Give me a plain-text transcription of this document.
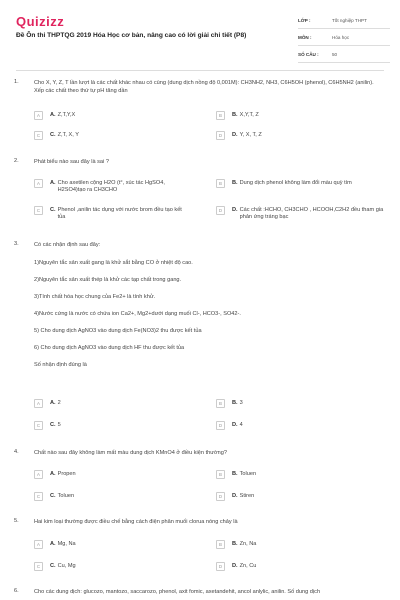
Quizizz
Đề Ôn thi THPTQG 2019 Hóa Học cơ bản, nâng cao có lời giải chi tiết (P8)
LỚP :	Tốt nghiệp THPT
MÔN :	Hóa học
SỐ CÂU :	50
1.	Cho X, Y, Z, T lần lượt là các chất khác nhau có cùng (dung dịch nồng độ 0,001M): CH3NH2, NH3, C6H5OH (phenol), C6H5NH2 (anilin). Xếp các chất theo thứ tự pH tăng dần
A	A. Z,T,Y,X	B	B. X,Y,T, Z
C	C. Z,T, X, Y	D	D. Y, X, T, Z
2.	Phát biểu nào sau đây là sai ?
A	A. Cho axetilen cộng H2O (t°, xúc tác HgSO4, H2SO4)tạo ra CH3CHO
B	B. Dung dịch phenol không làm đổi màu quỳ tím
C	C. Phenol ,anilin tác dụng với nước brom đều tạo kết tủa
D	D. Các chất :HCHO, CH3CHO , HCOOH,C2H2 đều tham gia phản ứng tráng bạc
3.	Có các nhận định sau đây:
1)Nguyên tắc sản xuất gang là khử sắt bằng CO ở nhiệt độ cao.
2)Nguyên tắc sản xuất thép là khử các tạp chất trong gang.
3)Tính chất hóa học chung của Fe2+ là tính khử.
4)Nước cứng là nước có chứa ion Ca2+, Mg2+dưới dạng muối Cl-, HCO3-, SO42-.
5) Cho dung dịch AgNO3 vào dung dịch Fe(NO3)2 thu được kết tủa
6) Cho dung dịch AgNO3 vào dung dịch HF thu được kết tủa
Số nhận định đúng là
A	A. 2	B	B. 3
C	C. 5	D	D. 4
4.	Chất nào sau đây không làm mất màu dung dịch KMnO4 ở điều kiện thường?
A	A. Propen	B	B. Toluen
C	C. Toluen	D	D. Stiren
5.	Hai kim loại thường được điều chế bằng cách điện phân muối clorua nóng chảy là
A	A. Mg, Na	B	B. Zn, Na
C	C. Cu, Mg	D	D. Zn, Cu
6.	Cho các dung dịch: glucozo, mantozo, saccarozo, phenol, axit fomic, axetandehit, ancol anlylic, anilin. Số dung dịch
